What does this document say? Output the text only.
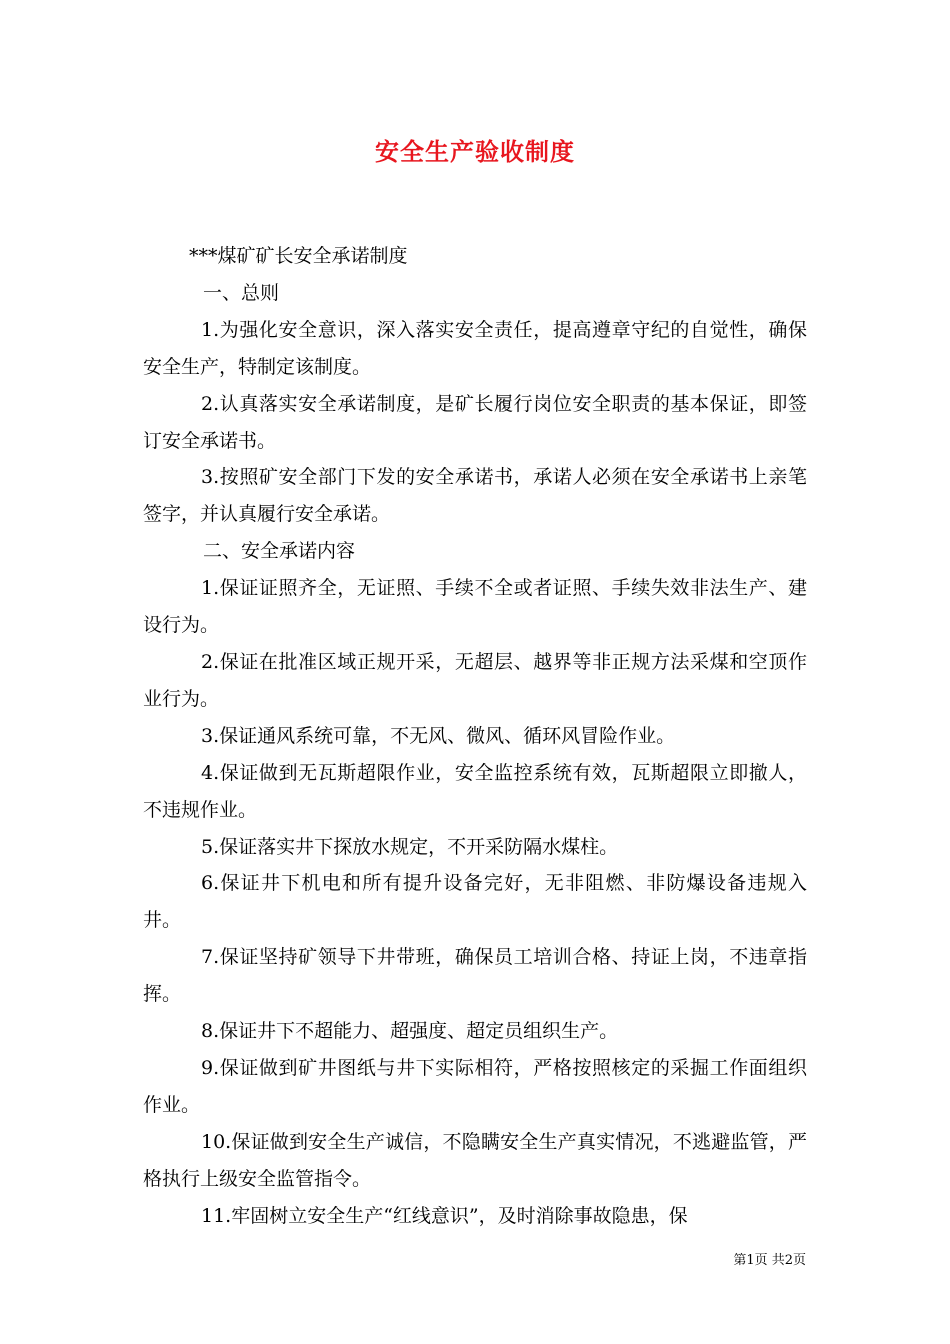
安全生产验收制度

***煤矿矿长安全承诺制度

一、总则

1.为强化安全意识，深入落实安全责任，提高遵章守纪的自觉性，确保安全生产，特制定该制度。

2.认真落实安全承诺制度，是矿长履行岗位安全职责的基本保证，即签订安全承诺书。

3.按照矿安全部门下发的安全承诺书，承诺人必须在安全承诺书上亲笔签字，并认真履行安全承诺。

二、安全承诺内容

1.保证证照齐全，无证照、手续不全或者证照、手续失效非法生产、建设行为。

2.保证在批准区域正规开采，无超层、越界等非正规方法采煤和空顶作业行为。

3.保证通风系统可靠，不无风、微风、循环风冒险作业。

4.保证做到无瓦斯超限作业，安全监控系统有效，瓦斯超限立即撤人，不违规作业。

5.保证落实井下探放水规定，不开采防隔水煤柱。

6.保证井下机电和所有提升设备完好，无非阻燃、非防爆设备违规入井。

7.保证坚持矿领导下井带班，确保员工培训合格、持证上岗，不违章指挥。

8.保证井下不超能力、超强度、超定员组织生产。

9.保证做到矿井图纸与井下实际相符，严格按照核定的采掘工作面组织作业。

10.保证做到安全生产诚信，不隐瞒安全生产真实情况，不逃避监管，严格执行上级安全监管指令。

11.牢固树立安全生产“红线意识”，及时消除事故隐患，保

第1页 共2页
